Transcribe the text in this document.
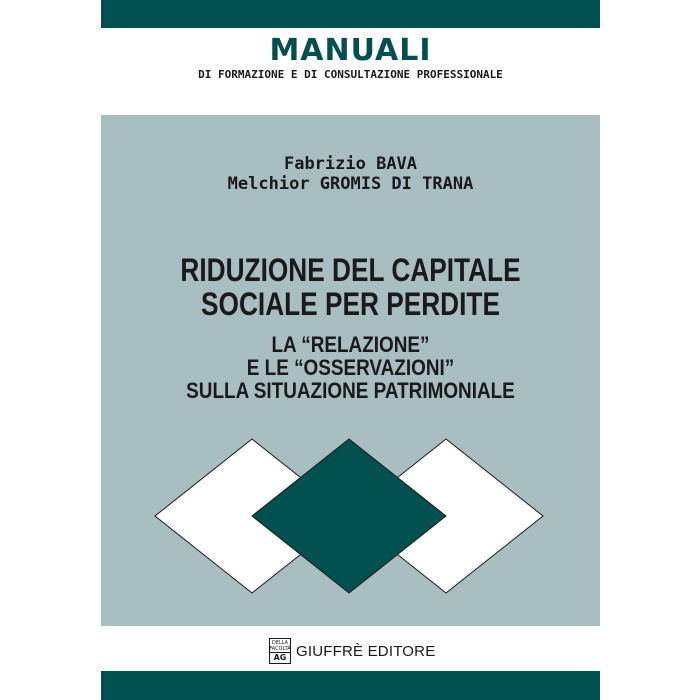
MANUALI
DI FORMAZIONE E DI CONSULTAZIONE PROFESSIONALE
Fabrizio BAVA
Melchior GROMIS DI TRANA
RIDUZIONE DEL CAPITALE
SOCIALE PER PERDITE
LA “RELAZIONE”
E LE “OSSERVAZIONI”
SULLA SITUAZIONE PATRIMONIALE
DELLA
FACOLTÀ
AG GIUFFRÈ EDITORE
